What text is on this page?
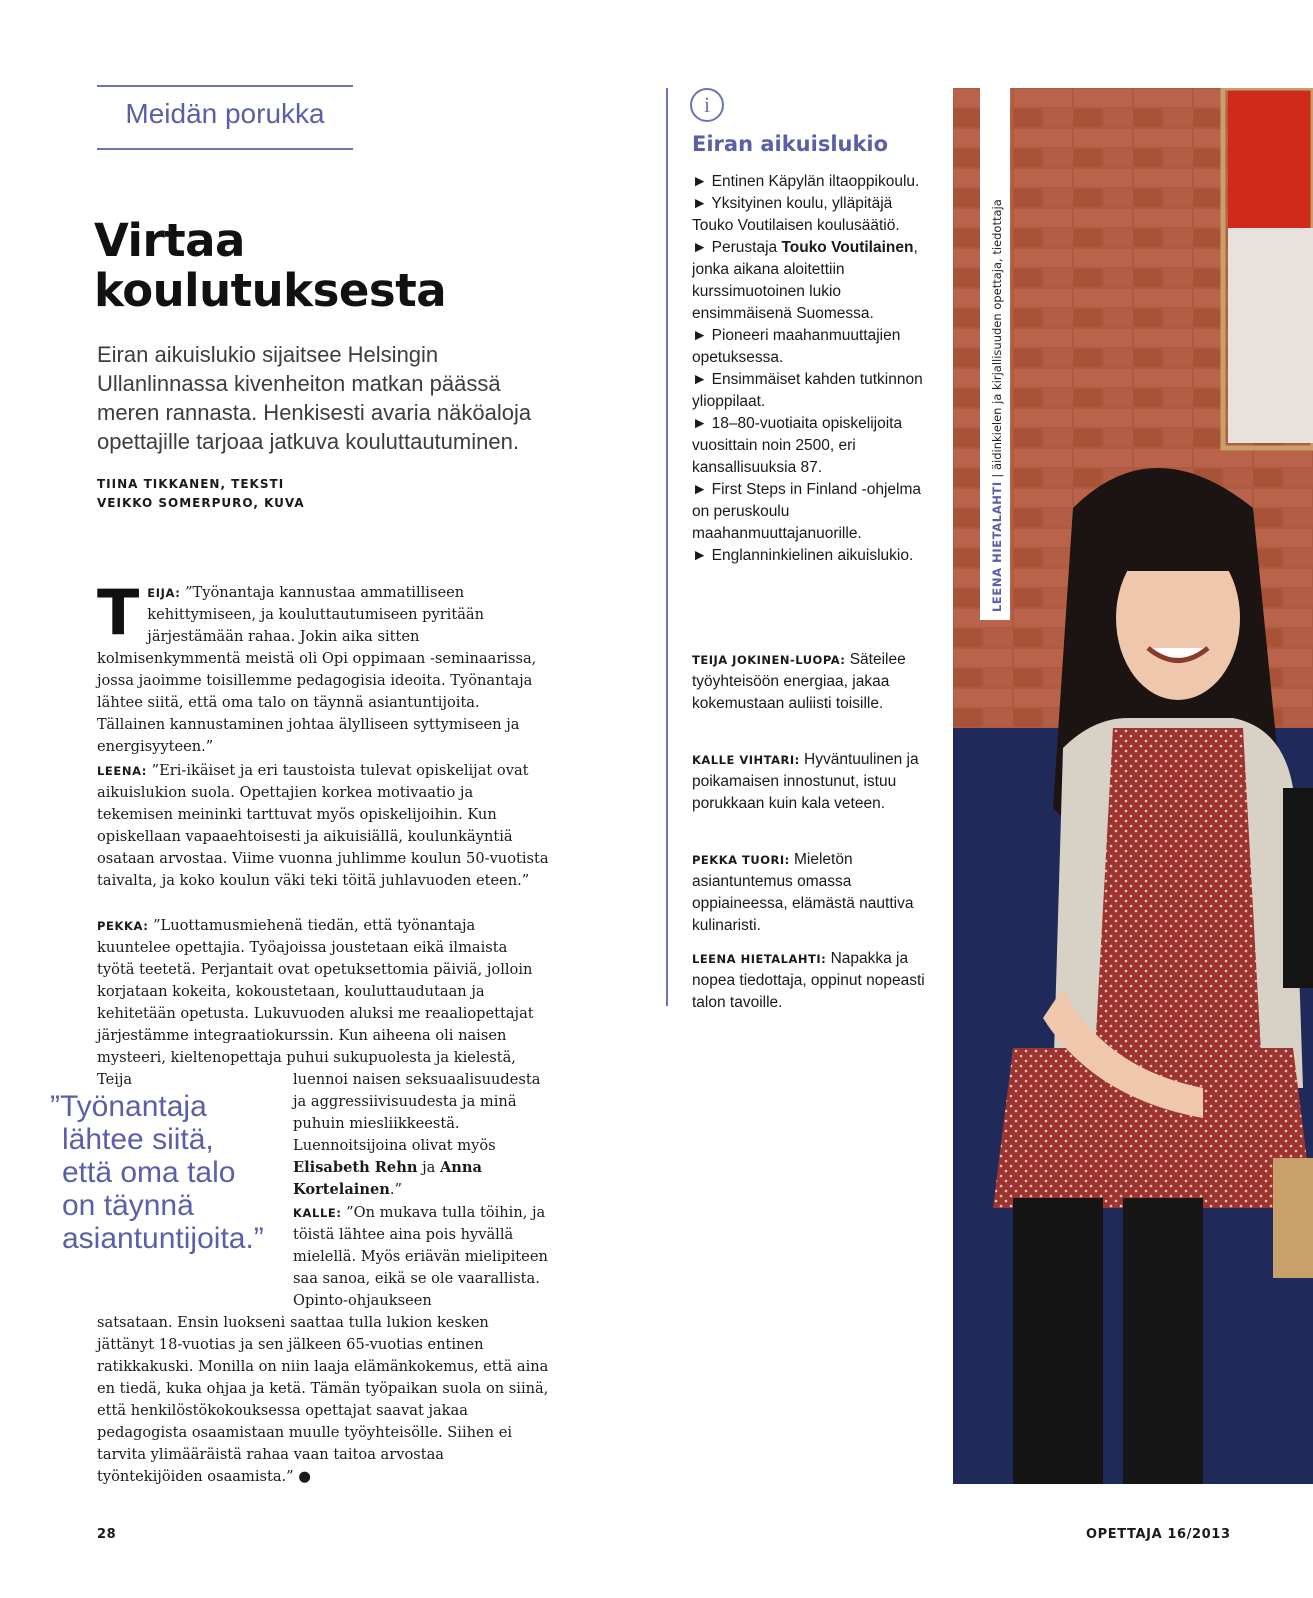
Meidän porukka
Virtaa
koulutuksesta
Eiran aikuislukio sijaitsee Helsingin Ullanlinnassa kivenheiton matkan päässä meren rannasta. Henkisesti avaria näköaloja opettajille tarjoaa jatkuva kouluttautuminen.
TIINA TIKKANEN, TEKSTI
VEIKKO SOMERPURO, KUVA

TEIJA: ”Työnantaja kannustaa ammatilliseen kehittymiseen, ja kouluttautumiseen pyritään järjestämään rahaa. Jokin aika sitten kolmisenkymmentä meistä oli Opi oppimaan -seminaarissa, jossa jaoimme toisillemme pedagogisia ideoita. Työnantaja lähtee siitä, että oma talo on täynnä asiantuntijoita. Tällainen kannustaminen johtaa älylliseen syttymiseen ja energisyyteen.”

LEENA: ”Eri-ikäiset ja eri taustoista tulevat opiskelijat ovat aikuislukion suola. Opettajien korkea motivaatio ja tekemisen meininki tarttuvat myös opiskelijoihin. Kun opiskellaan vapaaehtoisesti ja aikuisiällä, koulunkäyntiä osataan arvostaa. Viime vuonna juhlimme koulun 50-vuotista taivalta, ja koko koulun väki teki töitä juhlavuoden eteen.”

PEKKA: ”Luottamusmiehenä tiedän, että työnantaja kuuntelee opettajia. Työajoissa joustetaan eikä ilmaista työtä teetetä. Perjantait ovat opetuksettomia päiviä, jolloin korjataan kokeita, kokoustetaan, kouluttaudutaan ja kehitetään opetusta. Lukuvuoden aluksi me reaaliopettajat järjestämme integraatiokurssin. Kun aiheena oli naisen mysteeri, kieltenopettaja puhui sukupuolesta ja kielestä, Teija	luennoi naisen seksuaalisuudesta ja aggressiivisuudesta ja minä puhuin miesliikkeestä. Luennoitsijoina olivat myös Elisabeth Rehn ja Anna Kortelainen.”

”Työnantaja
lähtee siitä,
että oma talo
on täynnä
asiantuntijoita.”

KALLE: ”On mukava tulla töihin, ja töistä lähtee aina pois hyvällä mielellä. Myös eriävän mielipiteen saa sanoa, eikä se ole vaarallista. Opinto-ohjaukseen

satsataan. Ensin luokseni saattaa tulla lukion kesken jättänyt 18-vuotias ja sen jälkeen 65-vuotias entinen ratikkakuski. Monilla on niin laaja elämänkokemus, että aina en tiedä, kuka ohjaa ja ketä. Tämän työpaikan suola on siinä, että henkilöstökokouksessa opettajat saavat jakaa pedagogista osaamistaan muulle työyhteisölle. Siihen ei tarvita ylimääräistä rahaa vaan taitoa arvostaa työntekijöiden osaamista.” ●

i
Eiran aikuislukio

► Entinen Käpylän iltaoppikoulu.

► Yksityinen koulu, ylläpitäjä Touko Voutilaisen koulusäätiö.

► Perustaja Touko Voutilainen, jonka aikana aloitettiin kurssimuotoinen lukio ensimmäisenä Suomessa.

► Pioneeri maahanmuuttajien opetuksessa.

► Ensimmäiset kahden tutkinnon ylioppilaat.

► 18–80-vuotiaita opiskelijoita vuosittain noin 2500, eri kansallisuuksia 87.

► First Steps in Finland -ohjelma on peruskoulu maahanmuuttajanuorille.

► Englanninkielinen aikuislukio.

TEIJA JOKINEN-LUOPA: Säteilee työyhteisöön energiaa, jakaa kokemustaan auliisti toisille.

KALLE VIHTARI: Hyväntuulinen ja poikamaisen innostunut, istuu porukkaan kuin kala veteen.

PEKKA TUORI: Mieletön asiantuntemus omassa oppiaineessa, elämästä nauttiva kulinaristi.

LEENA HIETALAHTI: Napakka ja nopea tiedottaja, oppinut nopeasti talon tavoille.

LEENA HIETALAHTI | äidinkielen ja kirjallisuuden opettaja, tiedottaja
28	OPETTAJA 16/2013
